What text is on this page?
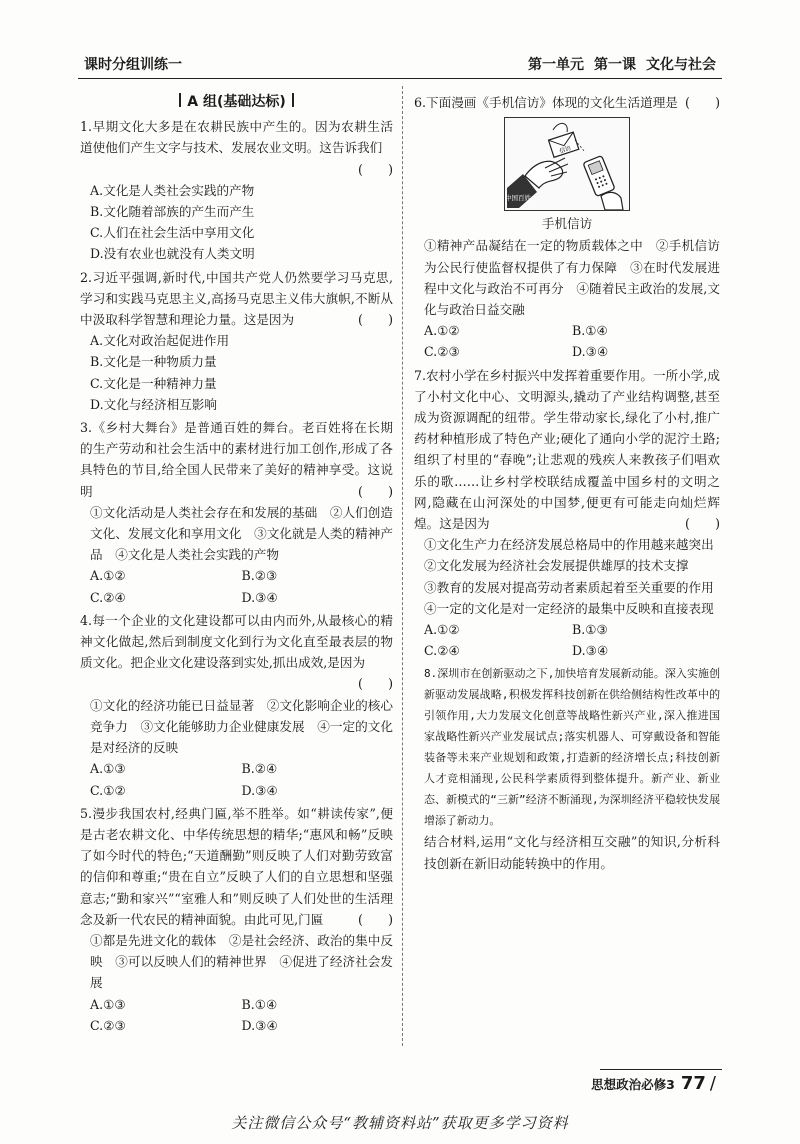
课时分组训练一	第一单元 第一课 文化与社会
A 组(基础达标)
1.早期文化大多是在农耕民族中产生的。因为农耕生活道使他们产生文字与技术、发展农业文明。这告诉我们
(　　)
A.文化是人类社会实践的产物
B.文化随着部族的产生而产生
C.人们在社会生活中享用文化
D.没有农业也就没有人类文明
2.习近平强调,新时代,中国共产党人仍然要学习马克思,学习和实践马克思主义,高扬马克思主义伟大旗帜,不断从中汲取科学智慧和理论力量。这是因为	(　　)
A.文化对政治起促进作用
B.文化是一种物质力量
C.文化是一种精神力量
D.文化与经济相互影响
3.《乡村大舞台》是普通百姓的舞台。老百姓将在长期的生产劳动和社会生活中的素材进行加工创作,形成了各具特色的节目,给全国人民带来了美好的精神享受。这说明	(　　)
①文化活动是人类社会存在和发展的基础　②人们创造文化、发展文化和享用文化　③文化就是人类的精神产品　④文化是人类社会实践的产物
A.①②	B.②③
C.②④	D.③④
4.每一个企业的文化建设都可以由内而外,从最核心的精神文化做起,然后到制度文化到行为文化直至最表层的物质文化。把企业文化建设落到实处,抓出成效,是因为
(　　)
①文化的经济功能已日益显著　②文化影响企业的核心竞争力　③文化能够助力企业健康发展　④一定的文化是对经济的反映
A.①③	B.②④
C.①②	D.③④
5.漫步我国农村,经典门匾,举不胜举。如“耕读传家”,便是古老农耕文化、中华传统思想的精华;“惠风和畅”反映了如今时代的特色;“天道酬勤”则反映了人们对勤劳致富的信仰和尊重;“贵在自立”反映了人们的自立思想和坚强意志;“勤和家兴”“室雅人和”则反映了人们处世的生活理念及新一代农民的精神面貌。由此可见,门匾	(　　)
①都是先进文化的载体　②是社会经济、政治的集中反映　③可以反映人们的精神世界　④促进了经济社会发展
A.①③	B.①④
C.②③	D.③④
6.下面漫画《手机信访》体现的文化生活道理是 (　　)
中国百姓
信访
手机信访
①精神产品凝结在一定的物质载体之中　②手机信访为公民行使监督权提供了有力保障　③在时代发展进程中文化与政治不可再分　④随着民主政治的发展,文化与政治日益交融
A.①②	B.①④
C.②③	D.③④
7.农村小学在乡村振兴中发挥着重要作用。一所小学,成了小村文化中心、文明源头,撬动了产业结构调整,甚至成为资源调配的纽带。学生带动家长,绿化了小村,推广药材种植形成了特色产业;硬化了通向小学的泥泞土路;组织了村里的“春晚”;让悲观的残疾人来教孩子们唱欢乐的歌……让乡村学校联结成覆盖中国乡村的文明之网,隐藏在山河深处的中国梦,便更有可能走向灿烂辉煌。这是因为	(　　)
①文化生产力在经济发展总格局中的作用越来越突出
②文化发展为经济社会发展提供雄厚的技术支撑
③教育的发展对提高劳动者素质起着至关重要的作用
④一定的文化是对一定经济的最集中反映和直接表现
A.①②	B.①③
C.②④	D.③④
8.深圳市在创新驱动之下,加快培育发展新动能。深入实施创新驱动发展战略,积极发挥科技创新在供给侧结构性改革中的引领作用,大力发展文化创意等战略性新兴产业,深入推进国家战略性新兴产业发展试点;落实机器人、可穿戴设备和智能装备等未来产业规划和政策,打造新的经济增长点;科技创新人才竞相涌现,公民科学素质得到整体提升。新产业、新业态、新模式的“三新”经济不断涌现,为深圳经济平稳较快发展增添了新动力。
结合材料,运用“文化与经济相互交融”的知识,分析科技创新在新旧动能转换中的作用。
思想政治必修3 77 /
关注微信公众号“教辅资料站”获取更多学习资料
